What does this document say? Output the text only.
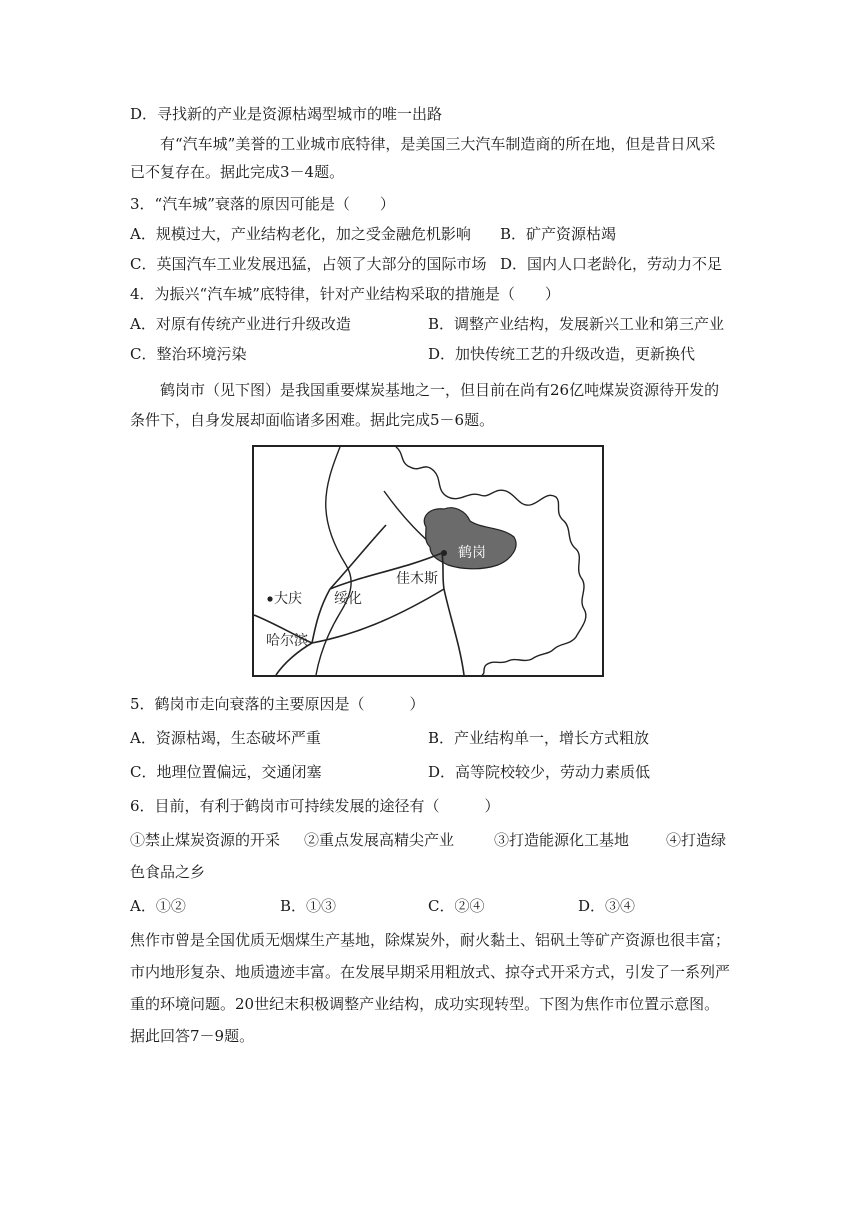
D．寻找新的产业是资源枯竭型城市的唯一出路
有“汽车城”美誉的工业城市底特律，是美国三大汽车制造商的所在地，但是昔日风采
已不复存在。据此完成3－4题。
3．“汽车城”衰落的原因可能是（　　）
A．规模过大，产业结构老化，加之受金融危机影响 B．矿产资源枯竭
C．英国汽车工业发展迅猛，占领了大部分的国际市场 D．国内人口老龄化，劳动力不足
4．为振兴“汽车城”底特律，针对产业结构采取的措施是（　　）
A．对原有传统产业进行升级改造	B．调整产业结构，发展新兴工业和第三产业
C．整治环境污染	D．加快传统工艺的升级改造，更新换代
鹤岗市（见下图）是我国重要煤炭基地之一，但目前在尚有26亿吨煤炭资源待开发的
条件下，自身发展却面临诸多困难。据此完成5－6题。
鹤岗
佳木斯
大庆 绥化
哈尔滨
5．鹤岗市走向衰落的主要原因是（　　　）
A．资源枯竭，生态破坏严重	B．产业结构单一，增长方式粗放
C．地理位置偏远，交通闭塞	D．高等院校较少，劳动力素质低
6．目前，有利于鹤岗市可持续发展的途径有（　　　）
①禁止煤炭资源的开采 ②重点发展高精尖产业	③打造能源化工基地 ④打造绿
色食品之乡
A．①②	B．①③	C．②④	D．③④
焦作市曾是全国优质无烟煤生产基地，除煤炭外，耐火黏土、铝矾土等矿产资源也很丰富；
市内地形复杂、地质遗迹丰富。在发展早期采用粗放式、掠夺式开采方式，引发了一系列严
重的环境问题。20世纪末积极调整产业结构，成功实现转型。下图为焦作市位置示意图。
据此回答7－9题。
